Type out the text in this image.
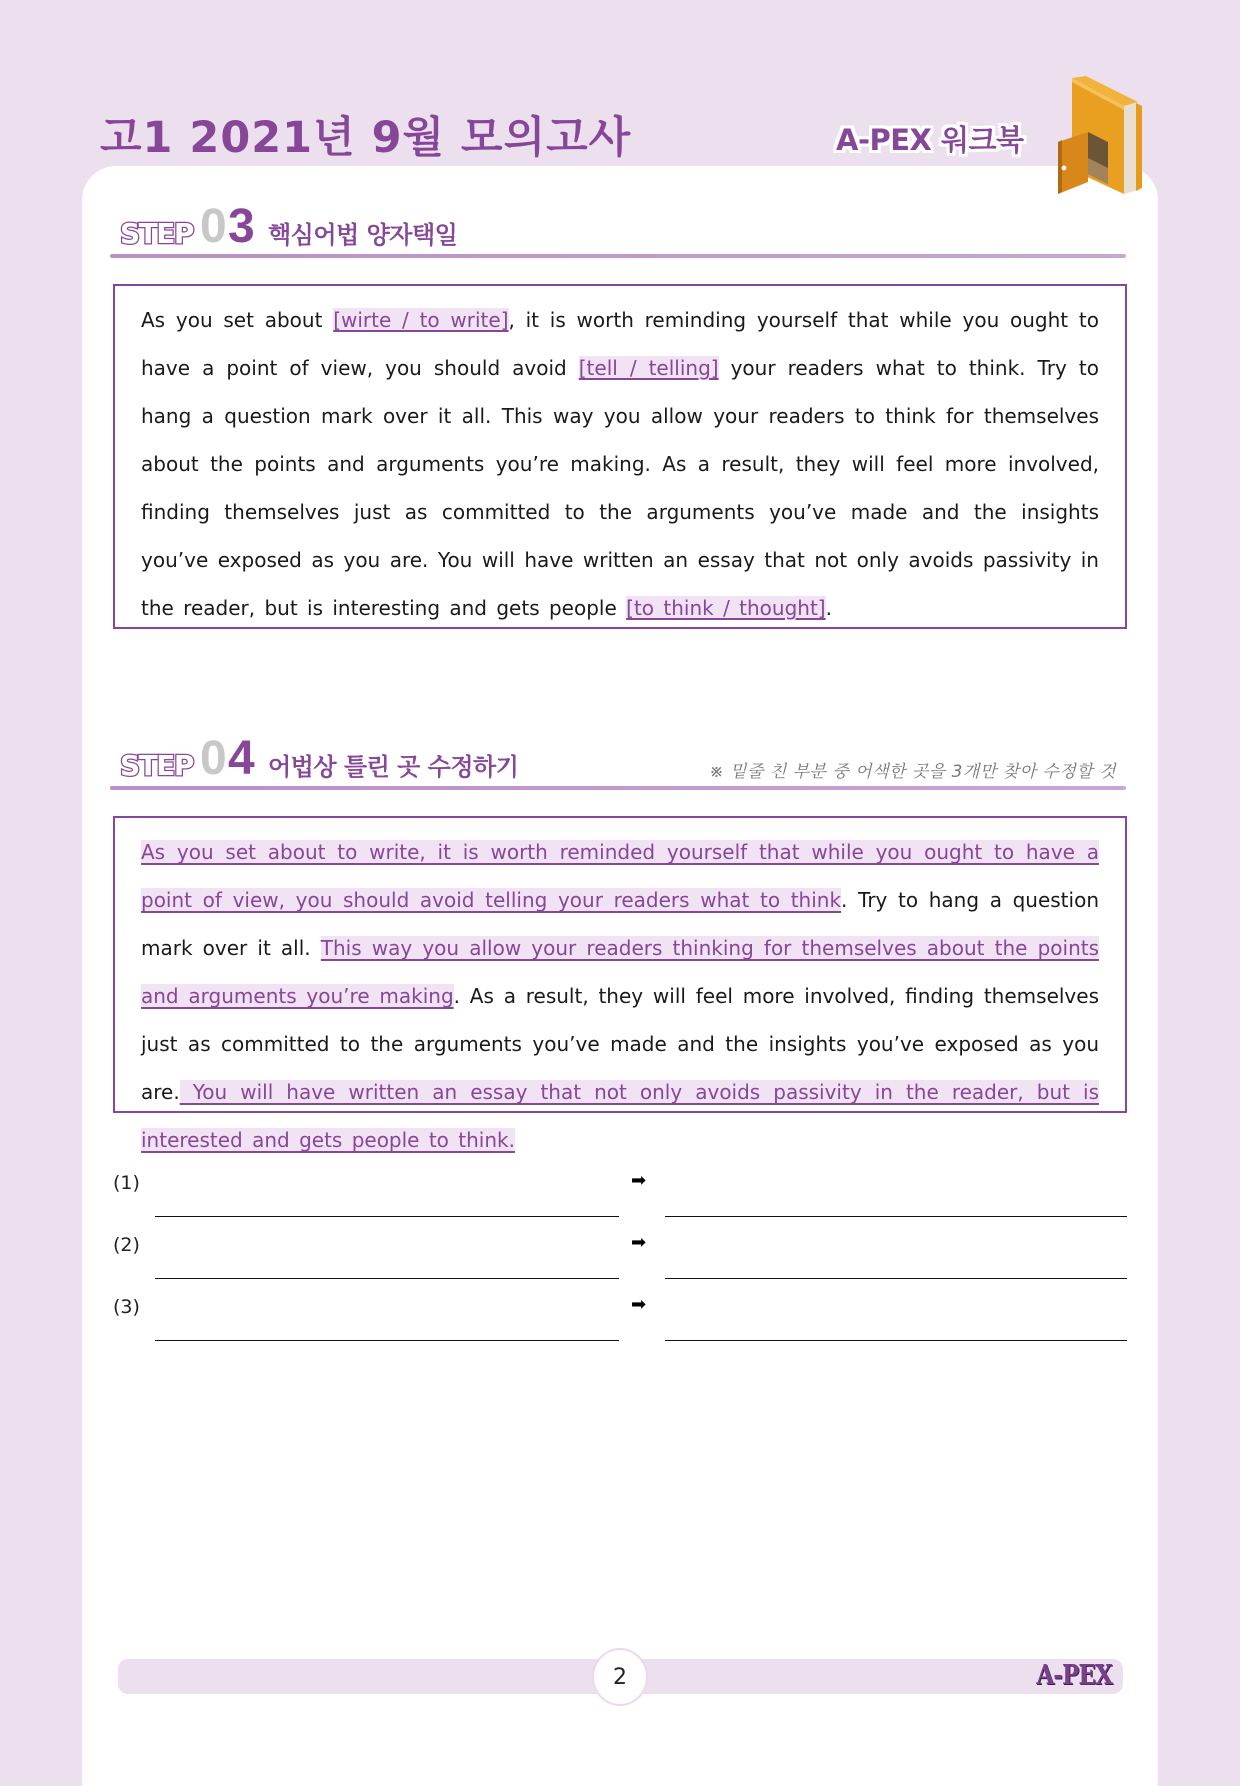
고1 2021년 9월 모의고사	A-PEX 워크북
STEP 0 3 핵심어법 양자택일

As you set about [wirte / to write], it is worth reminding yourself that while you ought to have a point of view, you should avoid [tell / telling] your readers what to think. Try to hang a question mark over it all. This way you allow your readers to think for themselves about the points and arguments you’re making. As a result, they will feel more involved, finding themselves just as committed to the arguments you’ve made and the insights you’ve exposed as you are. You will have written an essay that not only avoids passivity in the reader, but is interesting and gets people [to think / thought].

STEP 0 4 어법상 틀린 곳 수정하기	※ 밑줄 친 부분 중 어색한 곳을 3개만 찾아 수정할 것

As you set about to write, it is worth reminded yourself that while you ought to have a point of view, you should avoid telling your readers what to think. Try to hang a question mark over it all. This way you allow your readers thinking for themselves about the points and arguments you’re making. As a result, they will feel more involved, finding themselves just as committed to the arguments you’ve made and the insights you’ve exposed as you are. You will have written an essay that not only avoids passivity in the reader, but is interested and gets people to think.

(1)	➡
(2)	➡
(3)	➡
2	A-PEX
